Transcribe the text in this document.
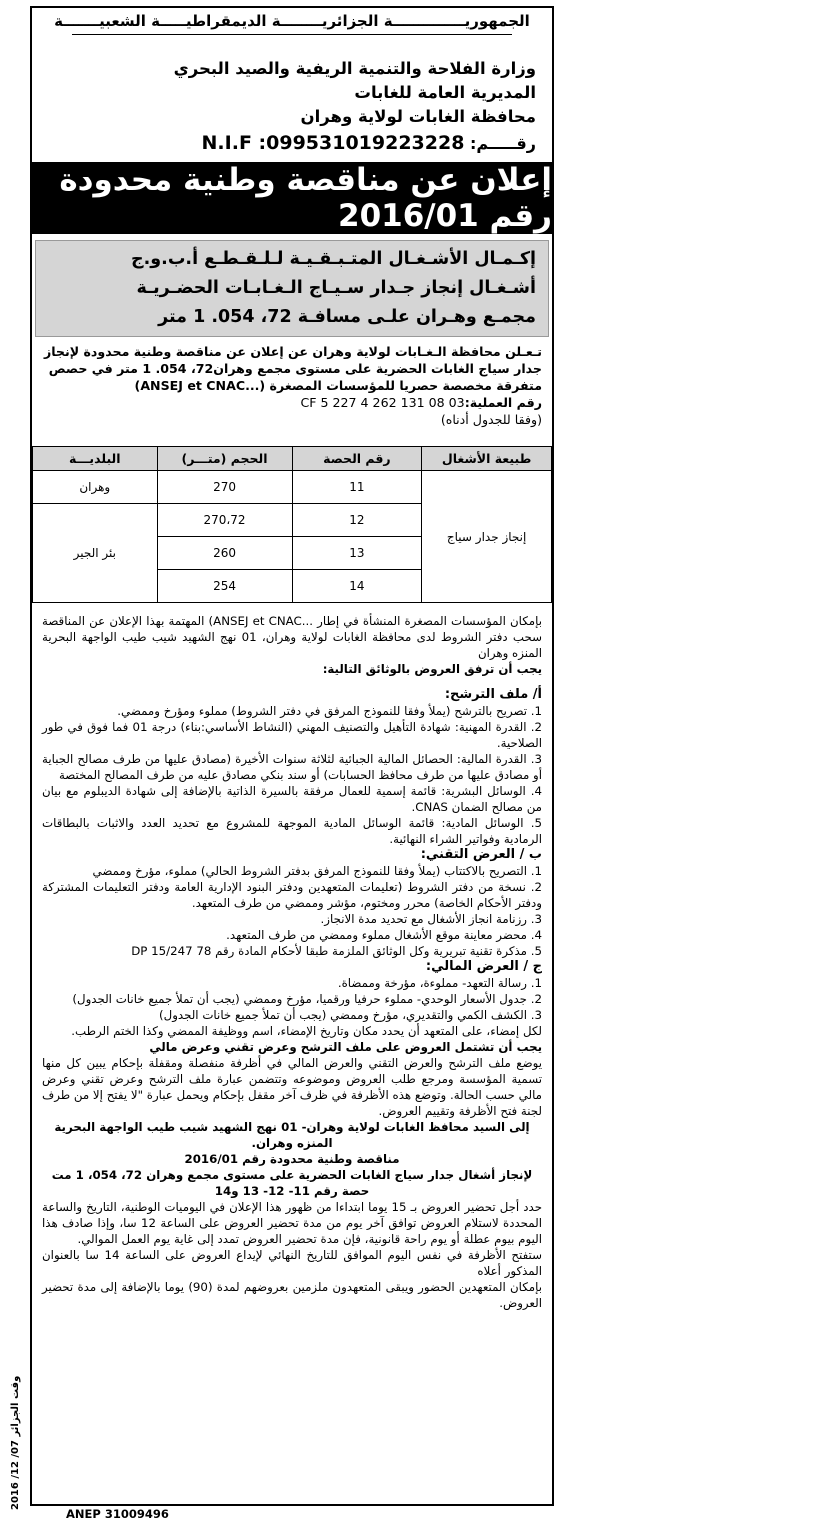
الجمهوريــــــــــــــة الجزائريــــــــة الديمقراطيـــــة الشعبيـــــــة
وزارة الفلاحة والتنمية الريفية والصيد البحري
المديرية العامة للغابات
محافظة الغابات لولاية وهران
رقـــــم: N.I.F :099531019223228
إعلان عن مناقصة وطنية محدودة رقم 2016/01
إكـمـال الأشـغـال المتـبـقـيـة لـلـقـطـع أ.ب.و.ج
أشـغـال إنجاز جـدار سـيـاج الـغـابـات الحضـريـة
مجمـع وهـران علـى مسافـة 72، 054. 1 متر

تـعـلن محافظة الـغـابات لولاية وهران عن إعلان عن مناقصة وطنية محدودة لإنجاز جدار سياج الغابات الحضرية على مستوى مجمع وهران72، 054. 1 متر في حصص متفرقة مخصصة حصريا للمؤسسات المصغرة (...ANSEJ et CNAC)

رقم العملية:CF 5 227 4 262 131 08 03

(وفقا للجدول أدناه)

طبيعة الأشغال	رقم الحصة	الحجم (متـــر)	البلديـــة
إنجاز جدار سياج	11	270	وهران
	12	270،72	بئر الجير
	13	260	
	14	254	

بإمكان المؤسسات المصغرة المنشأة في إطار ...ANSEJ et CNAC) المهتمة بهذا الإعلان عن المناقصة سحب دفتر الشروط لدى محافظة الغابات لولاية وهران، 01 نهج الشهيد شيب طيب الواجهة البحرية المنزه وهران

يجب أن ترفق العروض بالوثائق التالية:

أ/ ملف الترشح:

1. تصريح بالترشح (يملأ وفقا للنموذج المرفق في دفتر الشروط) مملوء ومؤرخ وممضي.

2. القدرة المهنية: شهادة التأهيل والتصنيف المهني (النشاط الأساسي:بناء) درجة 01 فما فوق في طور الصلاحية.

3. القدرة المالية: الحصائل المالية الجبائية لثلاثة سنوات الأخيرة (مصادق عليها من طرف مصالح الجباية أو مصادق عليها من طرف محافظ الحسابات) أو سند بنكي مصادق عليه من طرف المصالح المختصة

4. الوسائل البشرية: قائمة إسمية للعمال مرفقة بالسيرة الذاتية بالإضافة إلى شهادة الديبلوم مع بيان من مصالح الضمان CNAS.

5. الوسائل المادية: قائمة الوسائل المادية الموجهة للمشروع مع تحديد العدد والاثبات بالبطاقات الرمادية وفواتير الشراء النهائية.

ب / العرض التقني:

1. التصريح بالاكتتاب (يملأ وفقا للنموذج المرفق بدفتر الشروط الحالي) مملوء، مؤرخ وممضي

2. نسخة من دفتر الشروط (تعليمات المتعهدين ودفتر البنود الإدارية العامة ودفتر التعليمات المشتركة ودفتر الأحكام الخاصة) محرر ومختوم، مؤشر وممضي من طرف المتعهد.

3. رزنامة انجاز الأشغال مع تحديد مدة الانجاز.

4. محضر معاينة موقع الأشغال مملوء وممضي من طرف المتعهد.

5. مذكرة تقنية تبريرية وكل الوثائق الملزمة طبقا لأحكام المادة رقم 78 DP 15/247

ج / العرض المالي:

1. رسالة التعهد- مملوءة، مؤرخة وممضاة.

2. جدول الأسعار الوحدي- مملوء حرفيا ورقميا، مؤرخ وممضي (يجب أن تملأ جميع خانات الجدول)

3. الكشف الكمي والتقديري، مؤرخ وممضي (يجب أن تملأ جميع خانات الجدول)

لكل إمضاء، على المتعهد أن يحدد مكان وتاريخ الإمضاء، اسم ووظيفة الممضي وكذا الختم الرطب.

يجب أن تشتمل العروض على ملف الترشح وعرض تقني وعرض مالي

يوضع ملف الترشح والعرض التقني والعرض المالي في أظرفة منفصلة ومقفلة بإحكام يبين كل منها تسمية المؤسسة ومرجع طلب العروض وموضوعه وتتضمن عبارة ملف الترشح وعرض تقني وعرض مالي حسب الحالة. وتوضع هذه الأظرفة في ظرف آخر مقفل بإحكام ويحمل عبارة "لا يفتح إلا من طرف لجنة فتح الأظرفة وتقييم العروض.

إلى السيد محافظ الغابات لولاية وهران- 01 نهج الشهيد شيب طيب الواجهة البحرية المنزه وهران.

مناقصة وطنية محدودة رقم 2016/01

لإنجاز أشغال جدار سياج الغابات الحضرية على مستوى مجمع وهران 72، 054، 1 مت

حصة رقم 11- 12- 13 و14

حدد أجل تحضير العروض بـ 15 يوما ابتداءا من ظهور هذا الإعلان في اليوميات الوطنية، التاريخ والساعة المحددة لاستلام العروض توافق آخر يوم من مدة تحضير العروض على الساعة 12 سا، وإذا صادف هذا اليوم بيوم عطلة أو يوم راحة قانونية، فإن مدة تحضير العروض تمدد إلى غاية يوم العمل الموالي.

ستفتح الأظرفة في نفس اليوم الموافق للتاريخ النهائي لإيداع العروض على الساعة 14 سا بالعنوان المذكور أعلاه

بإمكان المتعهدين الحضور ويبقى المتعهدون ملزمين بعروضهم لمدة (90) يوما بالإضافة إلى مدة تحضير العروض.

وقت الجزائر 07/ 12/ 2016
ANEP 31009496
